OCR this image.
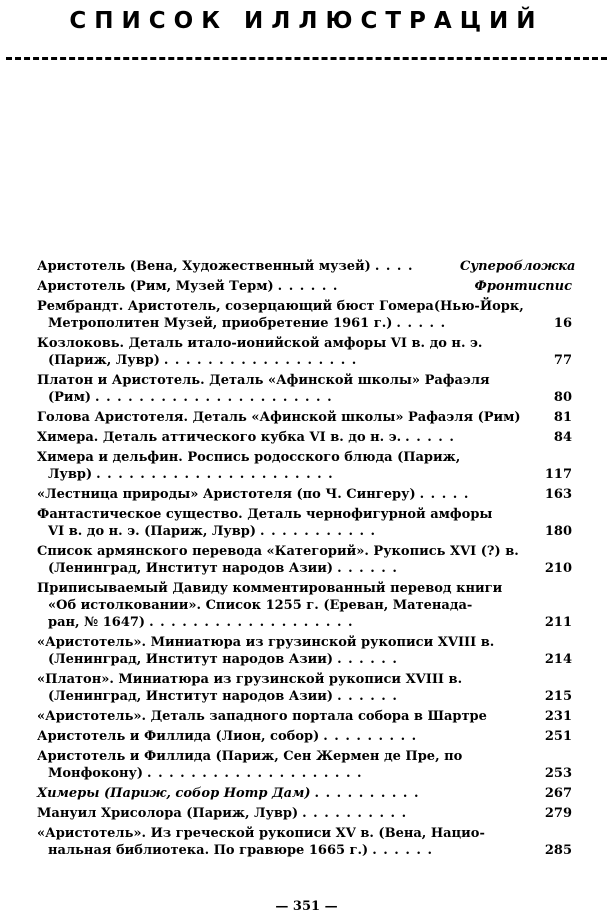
СПИСОК ИЛЛЮСТРАЦИЙ
Аристотель (Вена, Художественный музей) . . . .	Суперобложка
Аристотель (Рим, Музей Терм) . . . . . .	Фронтиспис
Рембрандт. Аристотель, созерцающий бюст Гомера(Нью-Йорк,
Метрополитен Музей, приобретение 1961 г.) . . . . .	16
Козлоковь. Деталь итало-ионийской амфоры VI в. до н. э.
(Париж, Лувр) . . . . . . . . . . . . . . . . . .	77
Платон и Аристотель. Деталь «Афинской школы» Рафаэля
(Рим) . . . . . . . . . . . . . . . . . . . . . .	80
Голова Аристотеля. Деталь «Афинской школы» Рафаэля (Рим)	81
Химера. Деталь аттического кубка VI в. до н. э. . . . . .	84
Химера и дельфин. Роспись родосского блюда (Париж,
Лувр) . . . . . . . . . . . . . . . . . . . . . .	117
«Лестница природы» Аристотеля (по Ч. Сингеру) . . . . .	163
Фантастическое существо. Деталь чернофигурной амфоры
VI в. до н. э. (Париж, Лувр) . . . . . . . . . . .	180
Список армянского перевода «Категорий». Рукопись XVI (?) в.
(Ленинград, Институт народов Азии) . . . . . .	210
Приписываемый Давиду комментированный перевод книги
«Об истолковании». Список 1255 г. (Ереван, Матенада-
ран, № 1647) . . . . . . . . . . . . . . . . . . .	211
«Аристотель». Миниатюра из грузинской рукописи XVIII в.
(Ленинград, Институт народов Азии) . . . . . .	214
«Платон». Миниатюра из грузинской рукописи XVIII в.
(Ленинград, Институт народов Азии) . . . . . .	215
«Аристотель». Деталь западного портала собора в Шартре	231
Аристотель и Филлида (Лион, собор) . . . . . . . . .	251
Аристотель и Филлида (Париж, Сен Жермен де Пре, по
Монфокону) . . . . . . . . . . . . . . . . . . . .	253
Химеры (Париж, собор Нотр Дам) . . . . . . . . . .	267
Мануил Хрисолора (Париж, Лувр) . . . . . . . . . .	279
«Аристотель». Из греческой рукописи XV в. (Вена, Нацио-
нальная библиотека. По гравюре 1665 г.) . . . . . .	285
— 351 —
